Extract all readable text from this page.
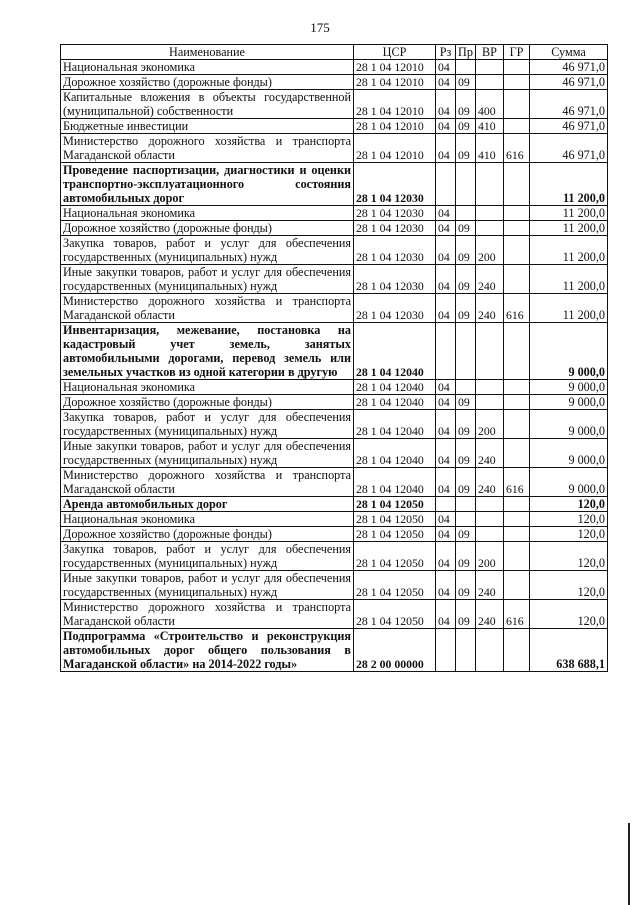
175
Наименование	ЦСР	Рз	Пр	ВР	ГР	Сумма
Национальная экономика	28 1 04 12010	04				46 971,0
Дорожное хозяйство (дорожные фонды)	28 1 04 12010	04	09			46 971,0
Капитальные вложения в объекты государственной (муниципальной) собственности	28 1 04 12010	04	09	400		46 971,0
Бюджетные инвестиции	28 1 04 12010	04	09	410		46 971,0
Министерство дорожного хозяйства и транспорта Магаданской области	28 1 04 12010	04	09	410	616	46 971,0
Проведение паспортизации, диагностики и оценки транспортно-эксплуатационного состояния автомобильных дорог	28 1 04 12030					11 200,0
Национальная экономика	28 1 04 12030	04				11 200,0
Дорожное хозяйство (дорожные фонды)	28 1 04 12030	04	09			11 200,0
Закупка товаров, работ и услуг для обеспечения государственных (муниципальных) нужд	28 1 04 12030	04	09	200		11 200,0
Иные закупки товаров, работ и услуг для обеспечения государственных (муниципальных) нужд	28 1 04 12030	04	09	240		11 200,0
Министерство дорожного хозяйства и транспорта Магаданской области	28 1 04 12030	04	09	240	616	11 200,0
Инвентаризация, межевание, постановка на кадастровый учет земель, занятых автомобильными дорогами, перевод земель или земельных участков из одной категории в другую	28 1 04 12040					9 000,0
Национальная экономика	28 1 04 12040	04				9 000,0
Дорожное хозяйство (дорожные фонды)	28 1 04 12040	04	09			9 000,0
Закупка товаров, работ и услуг для обеспечения государственных (муниципальных) нужд	28 1 04 12040	04	09	200		9 000,0
Иные закупки товаров, работ и услуг для обеспечения государственных (муниципальных) нужд	28 1 04 12040	04	09	240		9 000,0
Министерство дорожного хозяйства и транспорта Магаданской области	28 1 04 12040	04	09	240	616	9 000,0
Аренда автомобильных дорог	28 1 04 12050					120,0
Национальная экономика	28 1 04 12050	04				120,0
Дорожное хозяйство (дорожные фонды)	28 1 04 12050	04	09			120,0
Закупка товаров, работ и услуг для обеспечения государственных (муниципальных) нужд	28 1 04 12050	04	09	200		120,0
Иные закупки товаров, работ и услуг для обеспечения государственных (муниципальных) нужд	28 1 04 12050	04	09	240		120,0
Министерство дорожного хозяйства и транспорта Магаданской области	28 1 04 12050	04	09	240	616	120,0
Подпрограмма «Строительство и реконструкция автомобильных дорог общего пользования в Магаданской области» на 2014-2022 годы»	28 2 00 00000					638 688,1
